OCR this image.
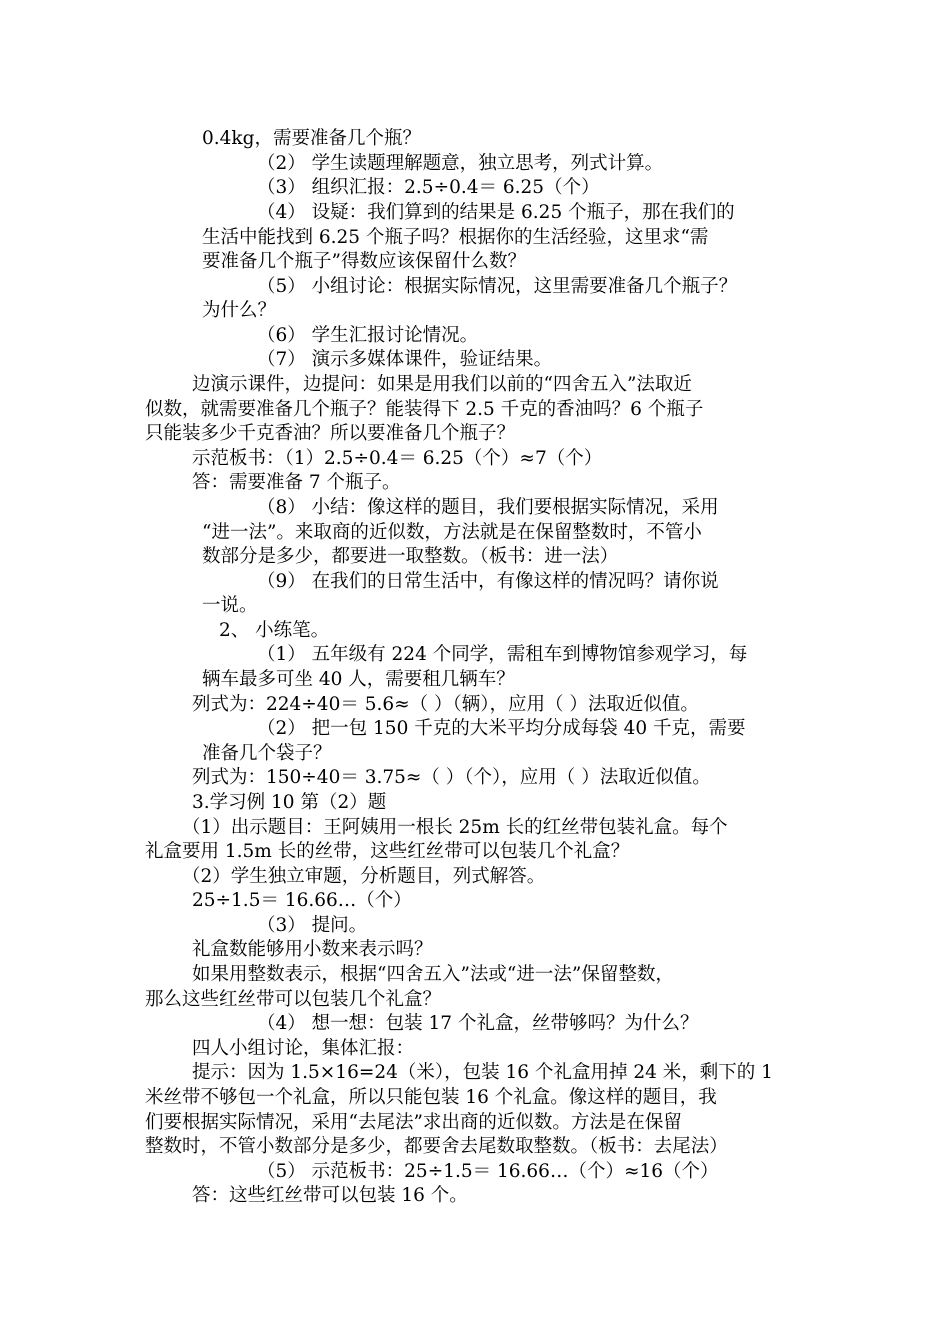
0.4kg，需要准备几个瓶？
（2） 学生读题理解题意，独立思考，列式计算。
（3） 组织汇报：2.5÷0.4＝ 6.25（个）
（4） 设疑：我们算到的结果是 6.25 个瓶子，那在我们的
生活中能找到 6.25 个瓶子吗？根据你的生活经验，这里求“需
要准备几个瓶子”得数应该保留什么数？
（5） 小组讨论：根据实际情况，这里需要准备几个瓶子？
为什么？
（6） 学生汇报讨论情况。
（7） 演示多媒体课件，验证结果。
边演示课件，边提问：如果是用我们以前的“四舍五入”法取近
似数，就需要准备几个瓶子？能装得下 2.5 千克的香油吗？6 个瓶子
只能装多少千克香油？所以要准备几个瓶子？
示范板书：（1）2.5÷0.4＝ 6.25（个）≈7（个）
答：需要准备 7 个瓶子。
（8） 小结：像这样的题目，我们要根据实际情况，采用
“进一法”。来取商的近似数，方法就是在保留整数时，不管小
数部分是多少，都要进一取整数。（板书：进一法）
（9） 在我们的日常生活中，有像这样的情况吗？请你说
一说。
2、 小练笔。
（1） 五年级有 224 个同学，需租车到博物馆参观学习，每
辆车最多可坐 40 人，需要租几辆车？
列式为：224÷40＝ 5.6≈（ ）（辆），应用（ ）法取近似值。
（2） 把一包 150 千克的大米平均分成每袋 40 千克，需要
准备几个袋子？
列式为：150÷40＝ 3.75≈（ ）（个），应用（ ）法取近似值。
3.学习例 10 第（2）题
（1）出示题目：王阿姨用一根长 25m 长的红丝带包装礼盒。每个
礼盒要用 1.5m 长的丝带，这些红丝带可以包装几个礼盒？
（2）学生独立审题，分析题目，列式解答。
25÷1.5＝ 16.66…（个）
（3） 提问。
礼盒数能够用小数来表示吗？
如果用整数表示，根据“四舍五入”法或“进一法”保留整数，
那么这些红丝带可以包装几个礼盒？
（4） 想一想：包装 17 个礼盒，丝带够吗？为什么？
四人小组讨论，集体汇报：
提示：因为 1.5×16=24（米），包装 16 个礼盒用掉 24 米，剩下的 1
米丝带不够包一个礼盒，所以只能包装 16 个礼盒。像这样的题目，我
们要根据实际情况，采用“去尾法”求出商的近似数。方法是在保留
整数时，不管小数部分是多少，都要舍去尾数取整数。（板书：去尾法）
（5） 示范板书：25÷1.5＝ 16.66…（个）≈16（个）
答：这些红丝带可以包装 16 个。
